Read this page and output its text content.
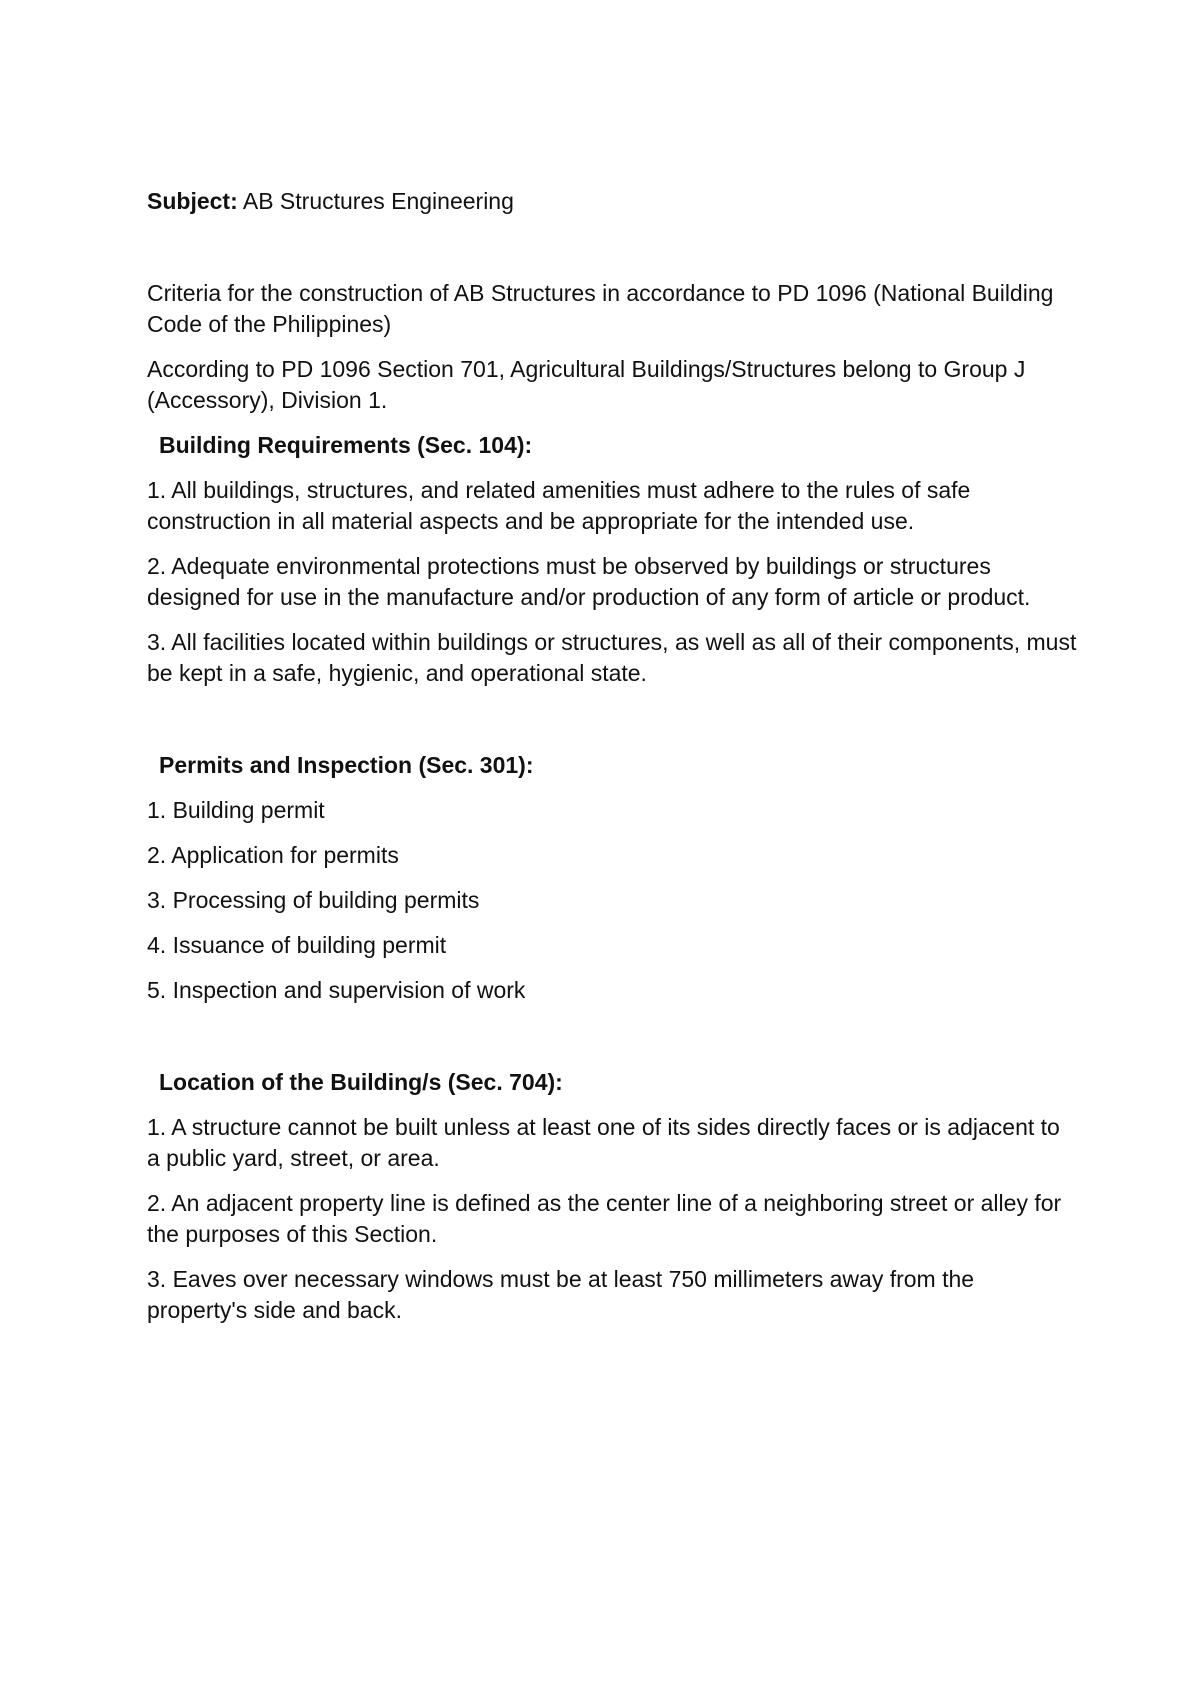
Subject: AB Structures Engineering

Criteria for the construction of AB Structures in accordance to PD 1096 (National Building Code of the Philippines)

According to PD 1096 Section 701, Agricultural Buildings/Structures belong to Group J (Accessory), Division 1.

Building Requirements (Sec. 104):

1. All buildings, structures, and related amenities must adhere to the rules of safe construction in all material aspects and be appropriate for the intended use.

2. Adequate environmental protections must be observed by buildings or structures designed for use in the manufacture and/or production of any form of article or product.

3. All facilities located within buildings or structures, as well as all of their components, must be kept in a safe, hygienic, and operational state.

Permits and Inspection (Sec. 301):

1. Building permit

2. Application for permits

3. Processing of building permits

4. Issuance of building permit

5. Inspection and supervision of work

Location of the Building/s (Sec. 704):

1. A structure cannot be built unless at least one of its sides directly faces or is adjacent to a public yard, street, or area.

2. An adjacent property line is defined as the center line of a neighboring street or alley for the purposes of this Section.

3. Eaves over necessary windows must be at least 750 millimeters away from the property's side and back.
